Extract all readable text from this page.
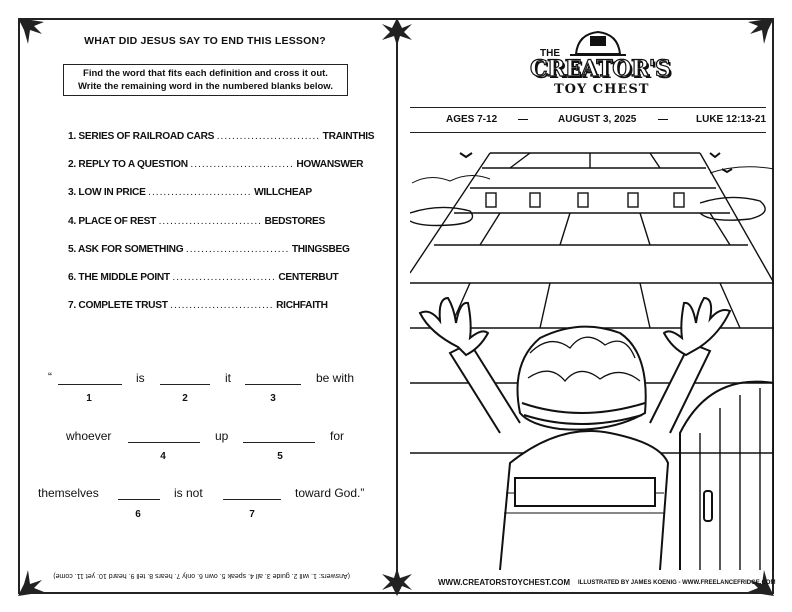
WHAT DID JESUS SAY TO END THIS LESSON?
Find the word that fits each definition and cross it out.
Write the remaining word in the numbered blanks below.
1. SERIES OF RAILROAD CARS ........................... TRAINTHIS
2. REPLY TO A QUESTION ........................... HOWANSWER
3. LOW IN PRICE ........................... WILLCHEAP
4. PLACE OF REST ........................... BEDSTORES
5. ASK FOR SOMETHING ........................... THINGSBEG
6. THE MIDDLE POINT ........................... CENTERBUT
7. COMPLETE TRUST ........................... RICHFAITH
“
1
is
2
it
3
be with
whoever
4
up
5
for
themselves
6
is not
7
toward God.”
(Answers: 1. will 2. guide 3. all 4. speak 5. own 6. only 7. hears 8. tell 9. heard 10. yet 11. come)
THE
CREATOR'S
TOY CHEST
AGES 7-12 —	AUGUST 3, 2025 —	LUKE 12:13-21
WWW.CREATORSTOYCHEST.COM ILLUSTRATED BY JAMES KOENIG - WWW.FREELANCEFRIDGE.COM
